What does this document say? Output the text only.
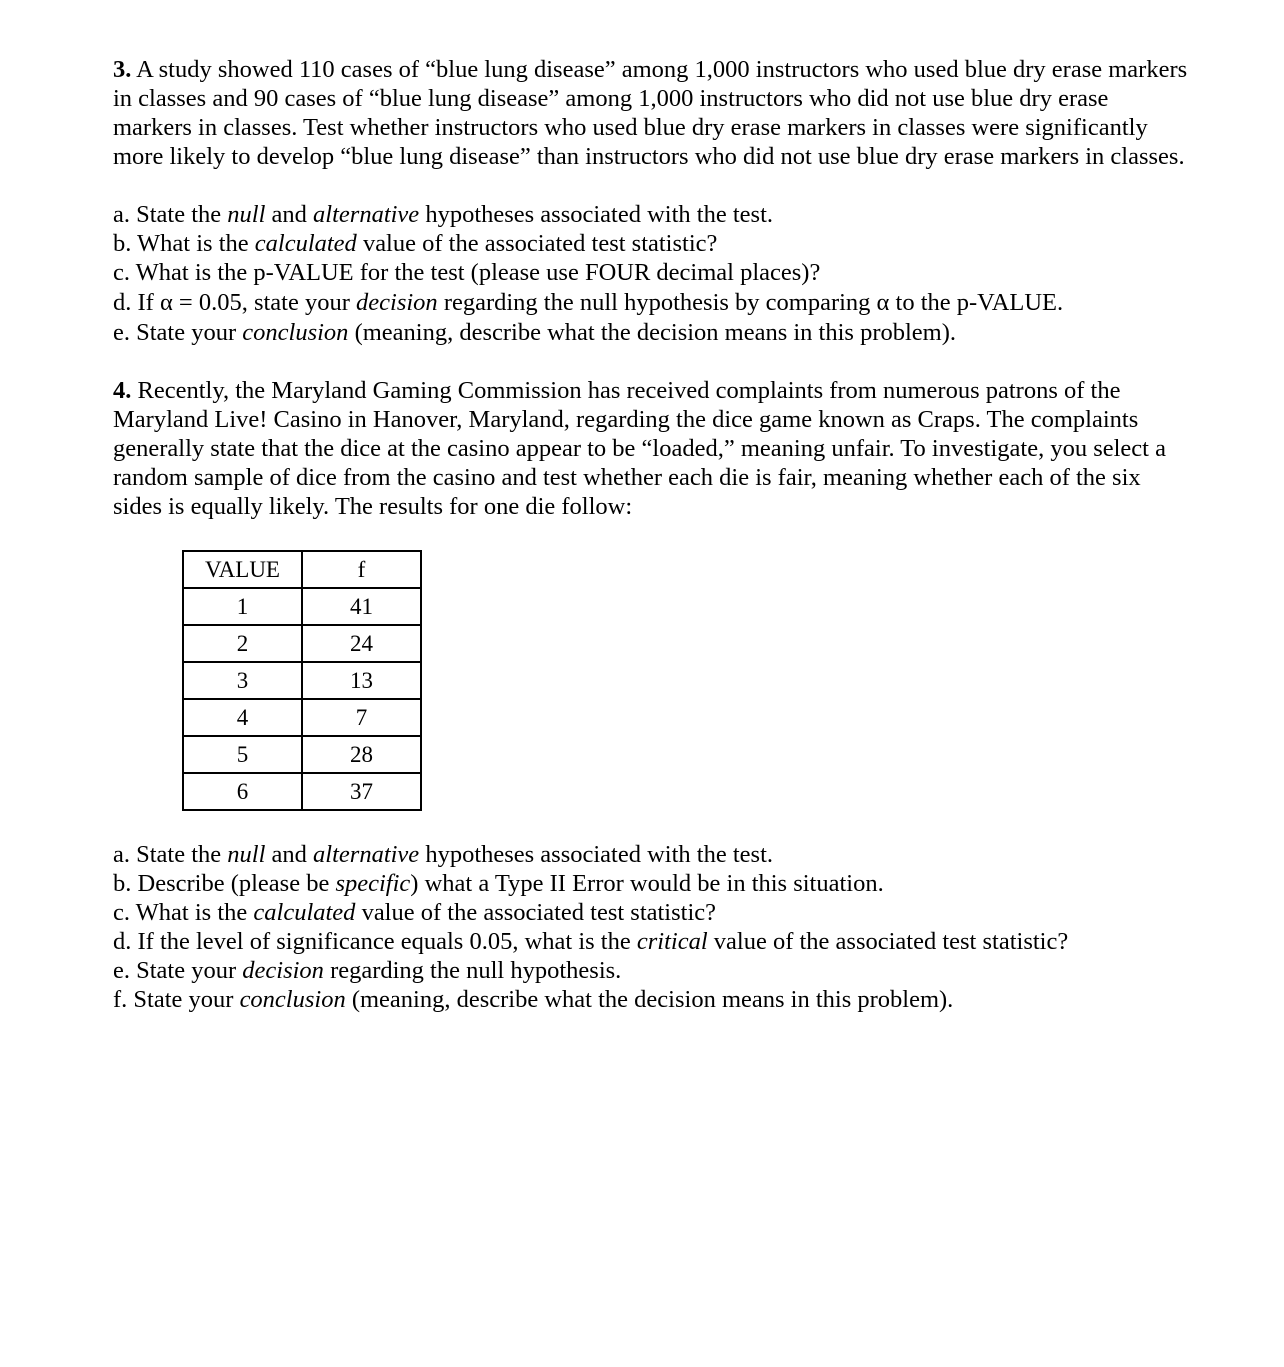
3. A study showed 110 cases of “blue lung disease” among 1,000 instructors who used blue dry erase markers in classes and 90 cases of “blue lung disease” among 1,000 instructors who did not use blue dry erase markers in classes. Test whether instructors who used blue dry erase markers in classes were significantly more likely to develop “blue lung disease” than instructors who did not use blue dry erase markers in classes.

a. State the null and alternative hypotheses associated with the test.
b. What is the calculated value of the associated test statistic?
c. What is the p-VALUE for the test (please use FOUR decimal places)?
d. If α = 0.05, state your decision regarding the null hypothesis by comparing α to the p-VALUE.
e. State your conclusion (meaning, describe what the decision means in this problem).

4. Recently, the Maryland Gaming Commission has received complaints from numerous patrons of the Maryland Live! Casino in Hanover, Maryland, regarding the dice game known as Craps. The complaints generally state that the dice at the casino appear to be “loaded,” meaning unfair. To investigate, you select a random sample of dice from the casino and test whether each die is fair, meaning whether each of the six sides is equally likely. The results for one die follow:

VALUE	f
1	41
2	24
3	13
4	7
5	28
6	37
a. State the null and alternative hypotheses associated with the test.
b. Describe (please be specific) what a Type II Error would be in this situation.
c. What is the calculated value of the associated test statistic?
d. If the level of significance equals 0.05, what is the critical value of the associated test statistic?
e. State your decision regarding the null hypothesis.
f. State your conclusion (meaning, describe what the decision means in this problem).
